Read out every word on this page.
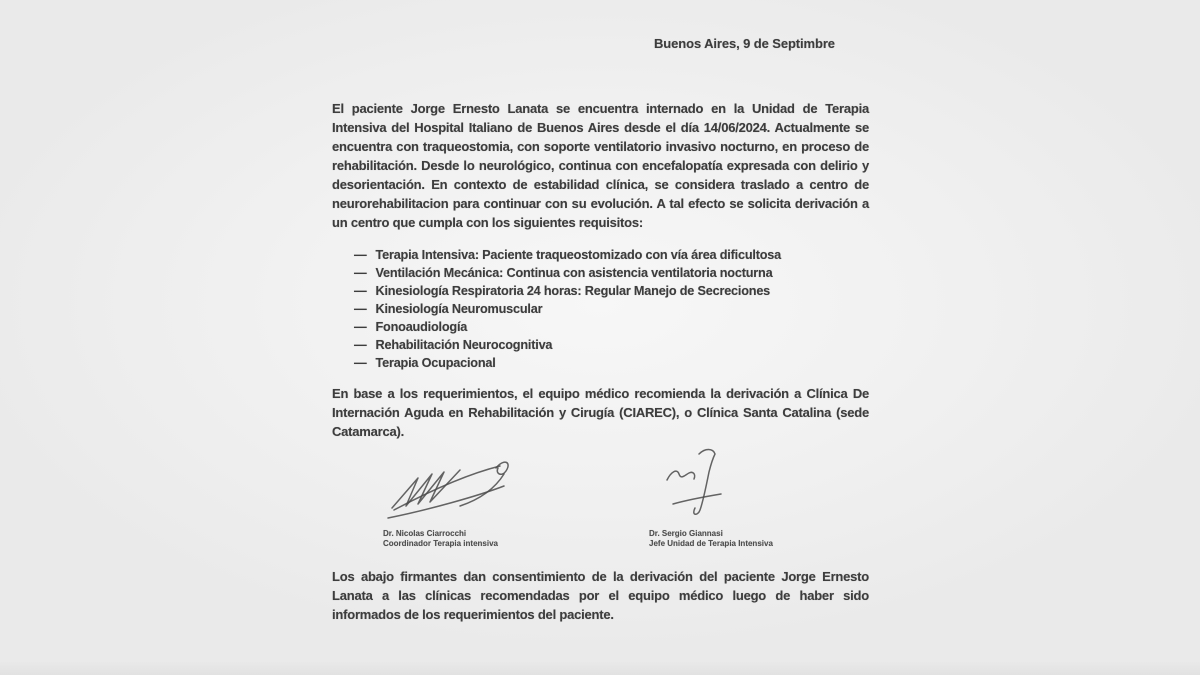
Buenos Aires, 9 de Septimbre

El paciente Jorge Ernesto Lanata se encuentra internado en la Unidad de Terapia Intensiva del Hospital Italiano de Buenos Aires desde el día 14/06/2024. Actualmente se encuentra con traqueostomia, con soporte ventilatorio invasivo nocturno, en proceso de rehabilitación. Desde lo neurológico, continua con encefalopatía expresada con delirio y desorientación. En contexto de estabilidad clínica, se considera traslado a centro de neurorehabilitacion para continuar con su evolución. A tal efecto se solicita derivación a un centro que cumpla con los siguientes requisitos:

— Terapia Intensiva: Paciente traqueostomizado con vía área dificultosa
— Ventilación Mecánica: Continua con asistencia ventilatoria nocturna
— Kinesiología Respiratoria 24 horas: Regular Manejo de Secreciones
— Kinesiología Neuromuscular
— Fonoaudiología
— Rehabilitación Neurocognitiva
— Terapia Ocupacional

En base a los requerimientos, el equipo médico recomienda la derivación a Clínica De Internación Aguda en Rehabilitación y Cirugía (CIAREC), o Clínica Santa Catalina (sede Catamarca).

Dr. Nicolas Ciarrocchi
Coordinador Terapia intensiva
Dr. Sergio Giannasi
Jefe Unidad de Terapia Intensiva

Los abajo firmantes dan consentimiento de la derivación del paciente Jorge Ernesto Lanata a las clínicas recomendadas por el equipo médico luego de haber sido informados de los requerimientos del paciente.
